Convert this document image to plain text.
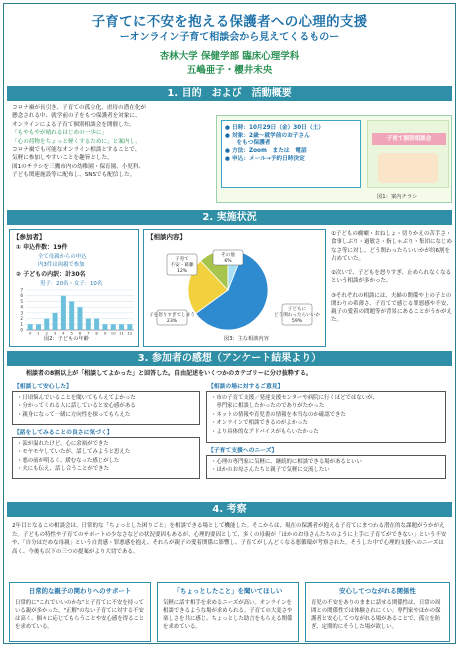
子育てに不安を抱える保護者への心理的支援
ーオンライン子育て相談会から見えてくるものー
杏林大学 保健学部 臨床心理学科
五嶋亜子・櫻井未央
1. 目的　および　活動概要
コロナ禍が長引き、子育ての孤立化、虐待の潜在化が
懸念される中、就学前の子をもつ保護者を対象に、
オンラインによる子育て個別相談会を開催した。
「もやもやが晴れるはじめの一歩に」
「心の荷物をちょっと軽くするために」と案内し、
コロナ禍でも可能なオンライン相談とすることで、
気軽に参加しやすいことを趣旨とした。
図1のチラシを三鷹市内の幼稚園・保育園、小児科、
子ども関連施設等に配布し、SNSでも配信した。
● 日時：10月29日（金）30日（土）
● 対象：2歳～就学前のお子さん
　　をもつ保護者
● 方法：Zoom　または　電話
● 申込：メール→予約日時決定
子育て個別相談会
図1：案内チラシ
2. 実施状況
【参加者】
① 申込件数：19件
全て母親からの申込
内3件は両親で参加
② 子どもの内訳：計30名
男子：20名・女子：10名
0
1
2
3
4
5
6
7
0 1 2 3 4 5 6 7 8 9 10 11 12
図2：子どもの年齢
【相談内容】
子どもに
どう関わったらいいか
59%
子を怒りすぎてしまう
23%
子育て
不安・葛藤
12%
その他
6%
図3：主な相談内容
①子どもの癇癪・おねしょ・切りかえの苦手さ・食事しぶり・過敏さ・指しゃぶり・集団になじめなさ等に対し、どう関わったらいいかが約6割を占めていた。
②次いで、子どもを怒りすぎ、止められなくなるという相談が多かった。
③それぞれの相談には、夫婦の関係や上の子との関わりの希薄さ、子育てで感じる罪悪感や不安、親子の愛着の問題等が背景にあることがうかがえた。
3. 参加者の感想（アンケート結果より）
相談者の8割以上が「相談してよかった」と回答した。自由記述をいくつかのカテゴリーに分け抜粋する。
【相談して安心した】
・日頃悩んでいることを聞いてもらえてよかった
・分かってくれる人に話していると安心感がある
・親身になって一緒に方向性を探ってもらえた
【話をしてみることの良さに気づく】
・涙が溢れたけど、心に余裕ができた
・モヤモヤしていたが、話してみようと思えた
・悪の前が明るく、緩むなった感じがした
・夫にも伝え、話し合うことができた
【相談の場に対するご意見】
・市の子育て支援／発達支援センターや病院に行くほどではないが、
　専門家に相談したかったのでありがたかった
・ネットの情報や育児書の情報を本当なのか確認できた
・オンラインで相談できるのがよかった
・より具体的なアドバイスがもらいたかった
【子育て支援へのニーズ】
・心理の専門家に気軽に、継続的に相談できる場があるといい
・ほかのお母さんたちと親子で気軽に交流したい
4. 考察
2年目となるこの相談会は、日常的な「ちょっとした困りごと」を相談できる場として機能した。そこからは、現在の保護者が抱える子育てにまつわる潜在的な課題がうかがえた。子どもの特性や子育てのサポートの少なさなどの状況要因もあるが、心理的要因として、多くの母親が「ほかのお母さんたちのように上手に子育てができない」という不安や、「自分はだめな母親」という自責感・罪悪感を抱え、それらが親子の愛着関係に影響し、子育てがしんどくなる悪循環が考察された。そうした中で心理的支援へのニーズは高く、今後も以下の三つの提案がより大切である。
日常的な親子の関わりへのサポート
日常的に"これでいいのかな"と子育てに不安を持っている親が多かった。"正解"のない子育てに対する不安は高く、個々に応じてもらうことや安心感を得ることを求めている。
「ちょっとしたこと」を聞いてほしい
気軽に話す相手を求めるニーズが高い。オンラインを相談できるような場が求められる。子育ての大変さや楽しさを共に感じ、ちょっとした助言をもらえる関係を求めている。
安心してつながれる関係性
育児の不安をありのままに話せる関係性は、日常の周囲との関係性では体験されにくい。専門家やほかの保護者と安心してつながれる場があることで、孤立を防ぎ、定期的にそうした場が欲しい。
